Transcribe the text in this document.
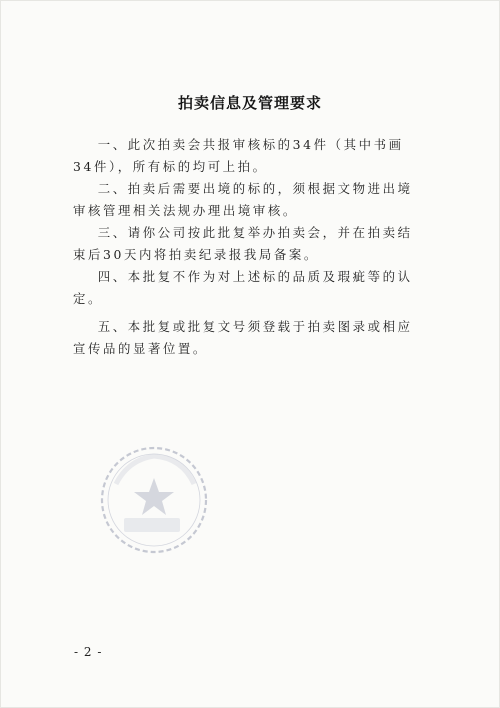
拍卖信息及管理要求

一、此次拍卖会共报审核标的34件（其中书画
34件），所有标的均可上拍。

二、拍卖后需要出境的标的，须根据文物进出境
审核管理相关法规办理出境审核。

三、请你公司按此批复举办拍卖会，并在拍卖结
束后30天内将拍卖纪录报我局备案。

四、本批复不作为对上述标的品质及瑕疵等的认
定。

五、本批复或批复文号须登载于拍卖图录或相应
宣传品的显著位置。

- 2 -
